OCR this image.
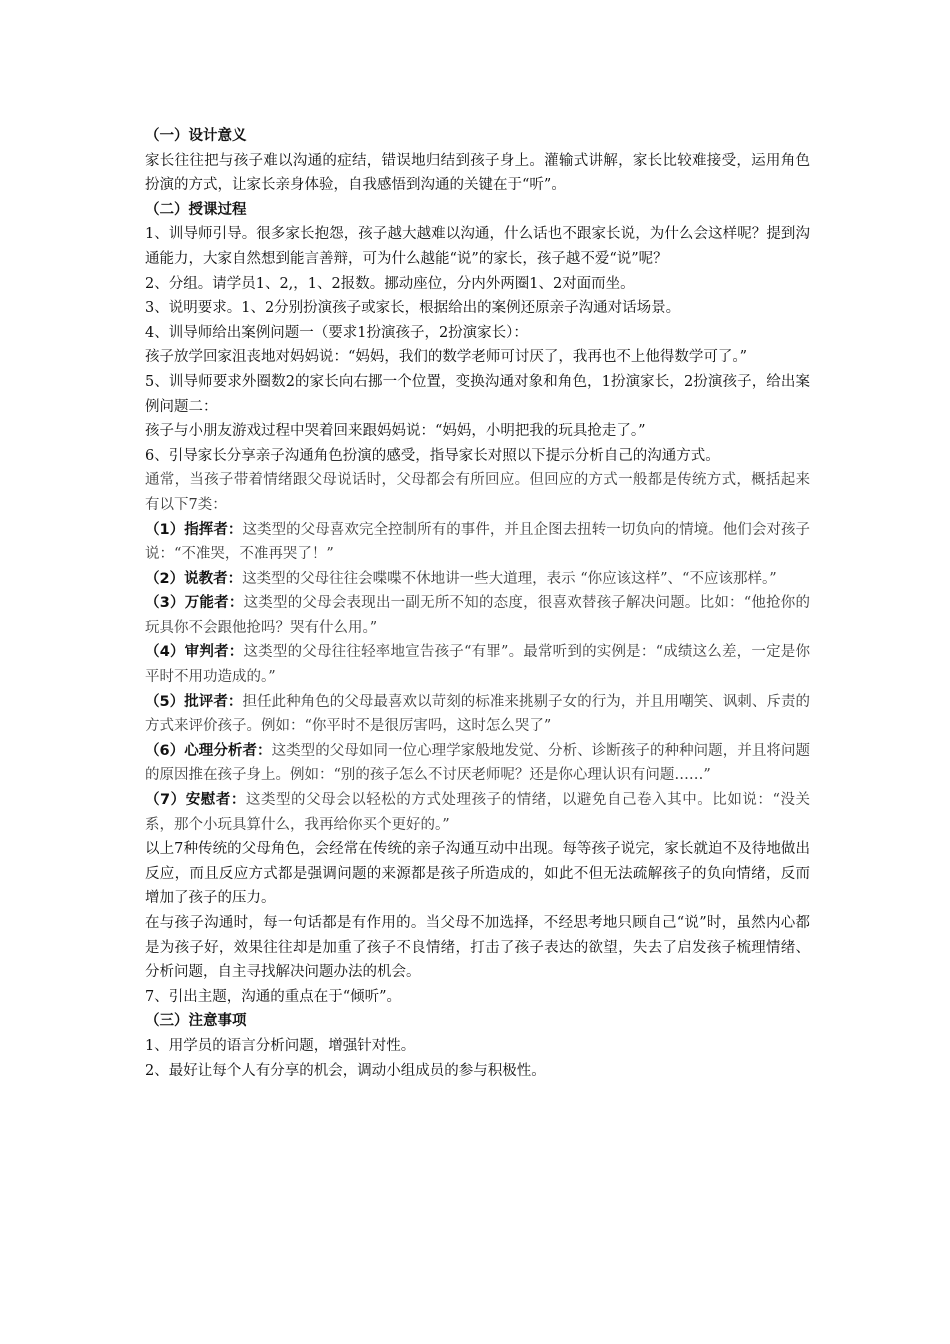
（一）设计意义

家长往往把与孩子难以沟通的症结，错误地归结到孩子身上。灌输式讲解，家长比较难接受，运用角色扮演的方式，让家长亲身体验，自我感悟到沟通的关键在于“听”。

（二）授课过程

1、训导师引导。很多家长抱怨，孩子越大越难以沟通，什么话也不跟家长说，为什么会这样呢？提到沟通能力，大家自然想到能言善辩，可为什么越能“说”的家长，孩子越不爱“说”呢？

2、分组。请学员1、2,，1、2报数。挪动座位，分内外两圈1、2对面而坐。

3、说明要求。1、2分别扮演孩子或家长，根据给出的案例还原亲子沟通对话场景。

4、训导师给出案例问题一（要求1扮演孩子，2扮演家长）：

孩子放学回家沮丧地对妈妈说：“妈妈，我们的数学老师可讨厌了，我再也不上他得数学可了。”

5、训导师要求外圈数2的家长向右挪一个位置，变换沟通对象和角色，1扮演家长，2扮演孩子，给出案例问题二：

孩子与小朋友游戏过程中哭着回来跟妈妈说：“妈妈，小明把我的玩具抢走了。”

6、引导家长分享亲子沟通角色扮演的感受，指导家长对照以下提示分析自己的沟通方式。

通常，当孩子带着情绪跟父母说话时，父母都会有所回应。但回应的方式一般都是传统方式，概括起来有以下7类：

（1）指挥者：这类型的父母喜欢完全控制所有的事件，并且企图去扭转一切负向的情境。他们会对孩子说：“不准哭，不准再哭了！”

（2）说教者：这类型的父母往往会喋喋不休地讲一些大道理，表示 “你应该这样”、“不应该那样。”

（3）万能者：这类型的父母会表现出一副无所不知的态度，很喜欢替孩子解决问题。比如：“他抢你的玩具你不会跟他抢吗？哭有什么用。”

（4）审判者：这类型的父母往往轻率地宣告孩子“有罪”。最常听到的实例是：“成绩这么差，一定是你平时不用功造成的。”

（5）批评者：担任此种角色的父母最喜欢以苛刻的标准来挑剔子女的行为，并且用嘲笑、讽刺、斥责的方式来评价孩子。例如：“你平时不是很厉害吗，这时怎么哭了”

（6）心理分析者：这类型的父母如同一位心理学家般地发觉、分析、诊断孩子的种种问题，并且将问题的原因推在孩子身上。例如：“别的孩子怎么不讨厌老师呢？还是你心理认识有问题……”

（7）安慰者：这类型的父母会以轻松的方式处理孩子的情绪，以避免自己卷入其中。比如说：“没关系，那个小玩具算什么，我再给你买个更好的。”

以上7种传统的父母角色，会经常在传统的亲子沟通互动中出现。每等孩子说完，家长就迫不及待地做出反应，而且反应方式都是强调问题的来源都是孩子所造成的，如此不但无法疏解孩子的负向情绪，反而增加了孩子的压力。

在与孩子沟通时，每一句话都是有作用的。当父母不加选择，不经思考地只顾自己“说”时，虽然内心都是为孩子好，效果往往却是加重了孩子不良情绪，打击了孩子表达的欲望，失去了启发孩子梳理情绪、分析问题，自主寻找解决问题办法的机会。

7、引出主题，沟通的重点在于“倾听”。

（三）注意事项

1、用学员的语言分析问题，增强针对性。

2、最好让每个人有分享的机会，调动小组成员的参与积极性。
